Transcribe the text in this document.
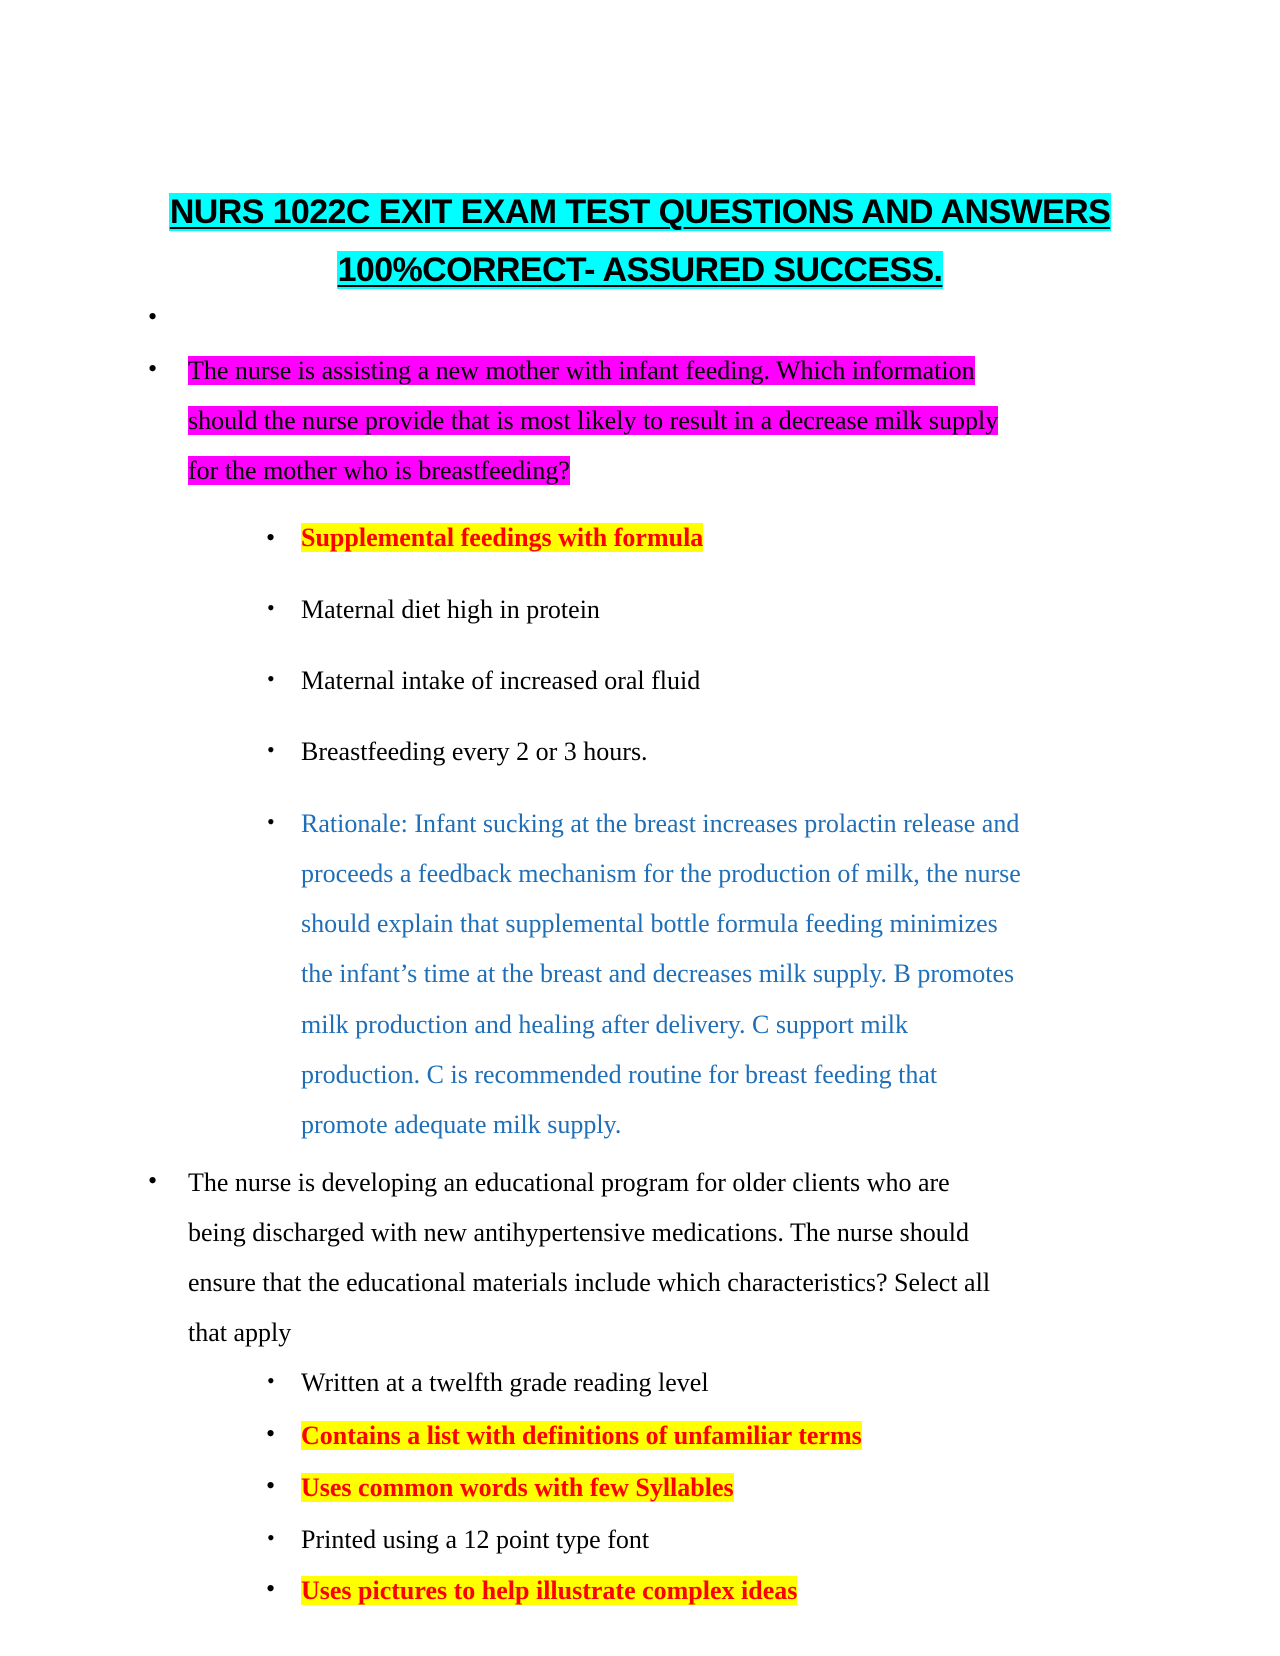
NURS 1022C EXIT EXAM TEST QUESTIONS AND ANSWERS
100%CORRECT- ASSURED SUCCESS.
•
• The nurse is assisting a new mother with infant feeding. Which information
should the nurse provide that is most likely to result in a decrease milk supply
for the mother who is breastfeeding?
• Supplemental feedings with formula
• Maternal diet high in protein
• Maternal intake of increased oral fluid
• Breastfeeding every 2 or 3 hours.
• Rationale: Infant sucking at the breast increases prolactin release and
proceeds a feedback mechanism for the production of milk, the nurse
should explain that supplemental bottle formula feeding minimizes
the infant’s time at the breast and decreases milk supply. B promotes
milk production and healing after delivery. C support milk
production. C is recommended routine for breast feeding that
promote adequate milk supply.
• The nurse is developing an educational program for older clients who are
being discharged with new antihypertensive medications. The nurse should
ensure that the educational materials include which characteristics? Select all
that apply
• Written at a twelfth grade reading level
• Contains a list with definitions of unfamiliar terms
• Uses common words with few Syllables
• Printed using a 12 point type font
• Uses pictures to help illustrate complex ideas
